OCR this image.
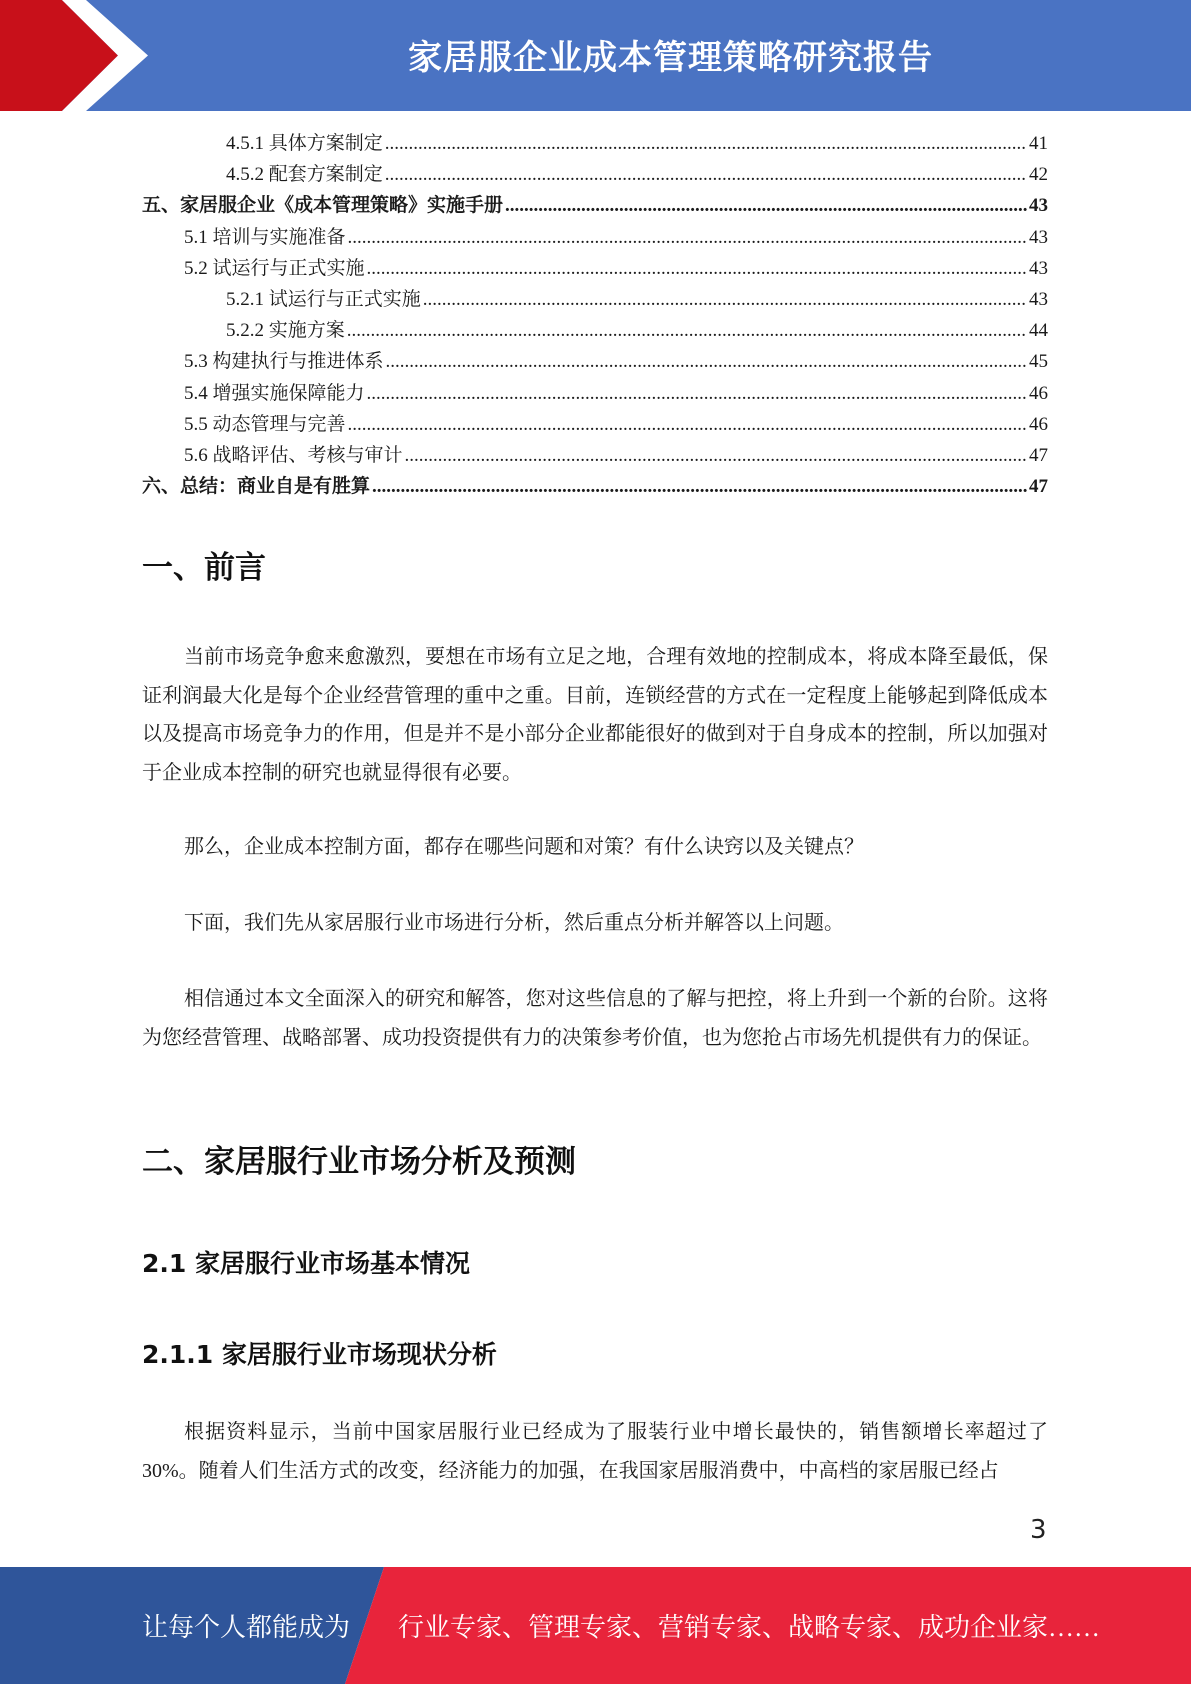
家居服企业成本管理策略研究报告
4.5.1 具体方案制定 .....	41
4.5.2 配套方案制定 .....	42
五、家居服企业《成本管理策略》实施手册 .....	43
5.1 培训与实施准备 .....	43
5.2 试运行与正式实施 .....	43
5.2.1 试运行与正式实施 .....	43
5.2.2 实施方案 .....	44
5.3 构建执行与推进体系 .....	45
5.4 增强实施保障能力 .....	46
5.5 动态管理与完善 .....	46
5.6 战略评估、考核与审计 .....	47
六、总结：商业自是有胜算 .....	47
一、前言

当前市场竞争愈来愈激烈，要想在市场有立足之地，合理有效地的控制成本，将成本降至最低，保证利润最大化是每个企业经营管理的重中之重。目前，连锁经营的方式在一定程度上能够起到降低成本以及提高市场竞争力的作用，但是并不是小部分企业都能很好的做到对于自身成本的控制，所以加强对于企业成本控制的研究也就显得很有必要。

那么，企业成本控制方面，都存在哪些问题和对策？有什么诀窍以及关键点？

下面，我们先从家居服行业市场进行分析，然后重点分析并解答以上问题。

相信通过本文全面深入的研究和解答，您对这些信息的了解与把控，将上升到一个新的台阶。这将为您经营管理、战略部署、成功投资提供有力的决策参考价值，也为您抢占市场先机提供有力的保证。

二、家居服行业市场分析及预测
2.1 家居服行业市场基本情况
2.1.1 家居服行业市场现状分析

根据资料显示，当前中国家居服行业已经成为了服装行业中增长最快的，销售额增长率超过了30%。随着人们生活方式的改变，经济能力的加强，在我国家居服消费中，中高档的家居服已经占

3
让每个人都能成为 行业专家、管理专家、营销专家、战略专家、成功企业家……
